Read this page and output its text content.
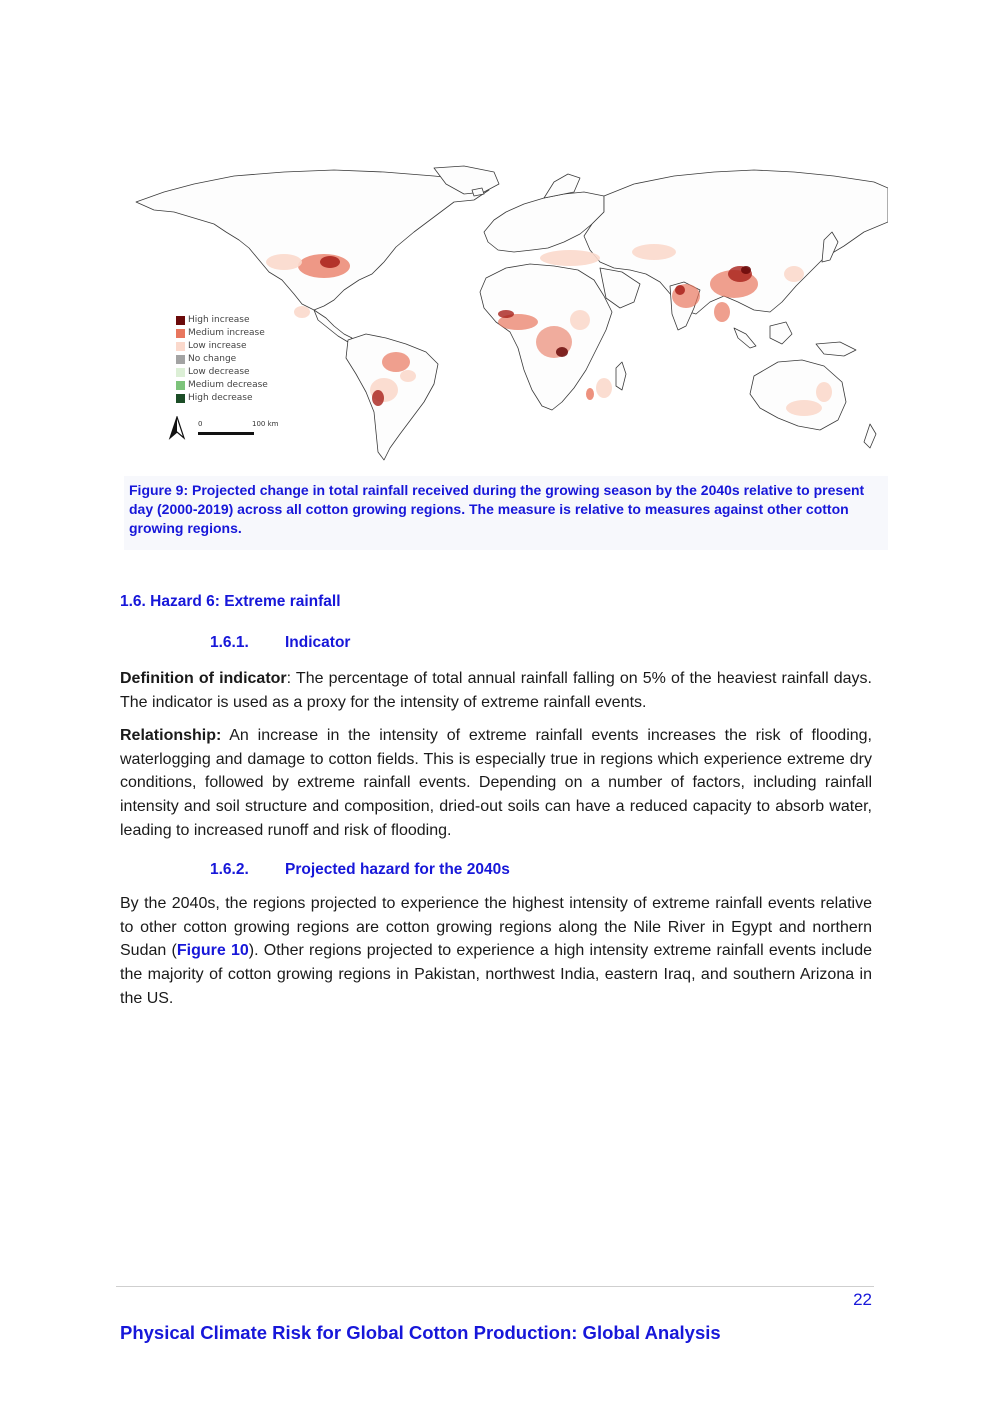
High increase
Medium increase
Low increase
No change
Low decrease
Medium decrease
High decrease
0	100 km

Figure 9: Projected change in total rainfall received during the growing season by the 2040s relative to present day (2000-2019) across all cotton growing regions. The measure is relative to measures against other cotton growing regions.

1.6. Hazard 6: Extreme rainfall
1.6.1. Indicator

Definition of indicator: The percentage of total annual rainfall falling on 5% of the heaviest rainfall days. The indicator is used as a proxy for the intensity of extreme rainfall events.

Relationship: An increase in the intensity of extreme rainfall events increases the risk of flooding, waterlogging and damage to cotton fields. This is especially true in regions which experience extreme dry conditions, followed by extreme rainfall events. Depending on a number of factors, including rainfall intensity and soil structure and composition, dried-out soils can have a reduced capacity to absorb water, leading to increased runoff and risk of flooding.

1.6.2. Projected hazard for the 2040s

By the 2040s, the regions projected to experience the highest intensity of extreme rainfall events relative to other cotton growing regions are cotton growing regions along the Nile River in Egypt and northern Sudan (Figure 10). Other regions projected to experience a high intensity extreme rainfall events include the majority of cotton growing regions in Pakistan, northwest India, eastern Iraq, and southern Arizona in the US.

22
Physical Climate Risk for Global Cotton Production: Global Analysis
